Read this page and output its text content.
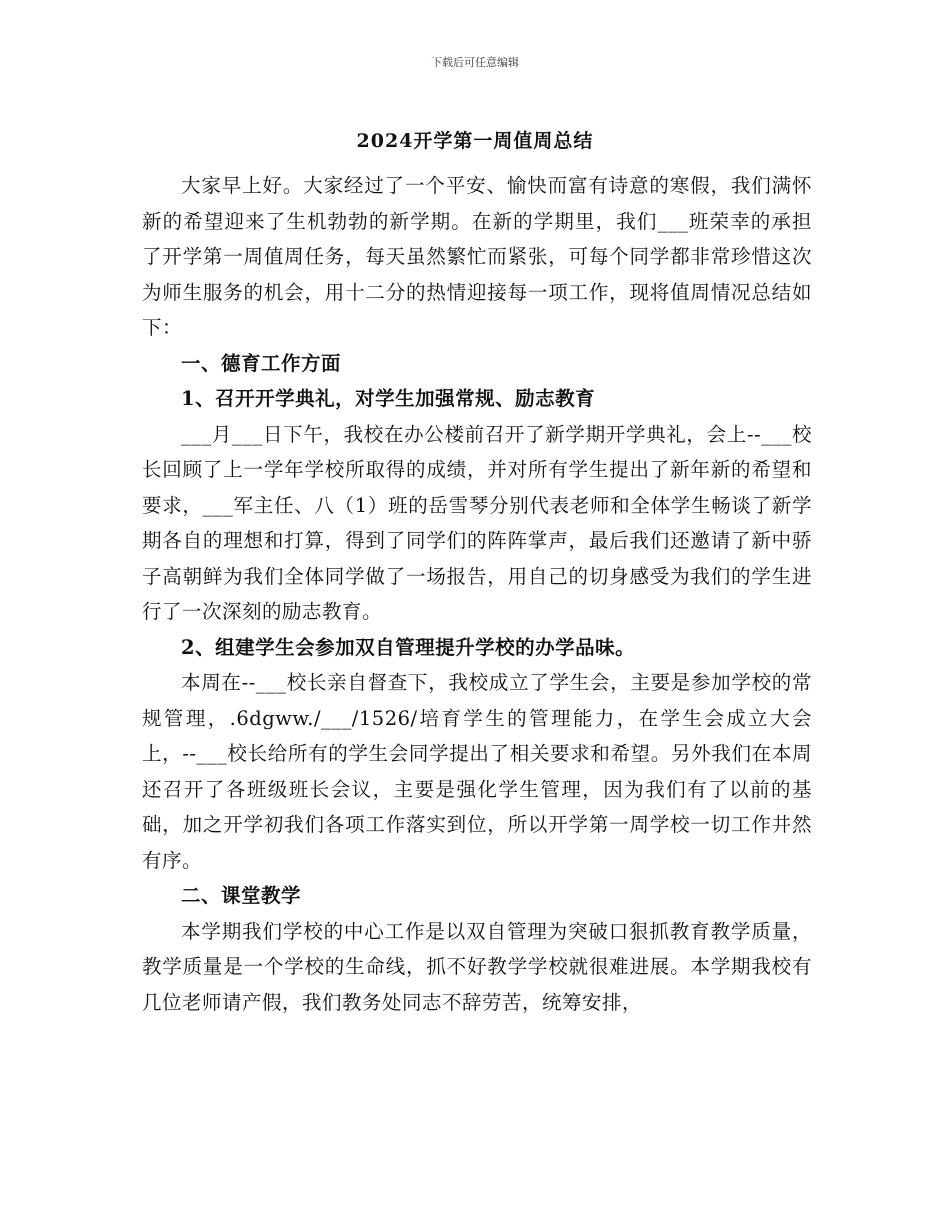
下载后可任意编辑
2024开学第一周值周总结

大家早上好。大家经过了一个平安、愉快而富有诗意的寒假，我们满怀新的希望迎来了生机勃勃的新学期。在新的学期里，我们___班荣幸的承担了开学第一周值周任务，每天虽然繁忙而紧张，可每个同学都非常珍惜这次为师生服务的机会，用十二分的热情迎接每一项工作，现将值周情况总结如下：

一、德育工作方面

1、召开开学典礼，对学生加强常规、励志教育

___月___日下午，我校在办公楼前召开了新学期开学典礼，会上--___校长回顾了上一学年学校所取得的成绩，并对所有学生提出了新年新的希望和要求，___军主任、八（1）班的岳雪琴分别代表老师和全体学生畅谈了新学期各自的理想和打算，得到了同学们的阵阵掌声，最后我们还邀请了新中骄子高朝鲜为我们全体同学做了一场报告，用自己的切身感受为我们的学生进行了一次深刻的励志教育。

2、组建学生会参加双自管理提升学校的办学品味。

本周在--___校长亲自督查下，我校成立了学生会，主要是参加学校的常规管理，.6dgww./___/1526/培育学生的管理能力，在学生会成立大会上，--___校长给所有的学生会同学提出了相关要求和希望。另外我们在本周还召开了各班级班长会议，主要是强化学生管理，因为我们有了以前的基础，加之开学初我们各项工作落实到位，所以开学第一周学校一切工作井然有序。

二、课堂教学

本学期我们学校的中心工作是以双自管理为突破口狠抓教育教学质量，教学质量是一个学校的生命线，抓不好教学学校就很难进展。本学期我校有几位老师请产假，我们教务处同志不辞劳苦，统筹安排，
